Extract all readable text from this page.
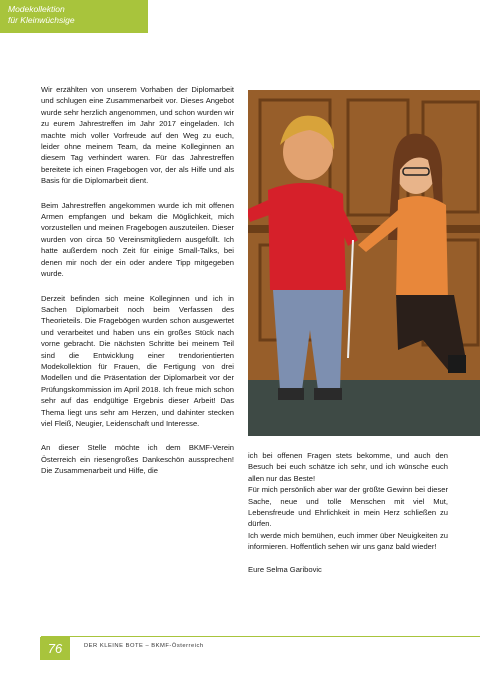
Modekollektion
für Kleinwüchsige

Wir erzählten von unserem Vorhaben der Diplomarbeit und schlugen eine Zusammenarbeit vor. Dieses Angebot wurde sehr herzlich angenommen, und schon wurden wir zu eurem Jahrestreffen im Jahr 2017 eingeladen. Ich machte mich voller Vorfreude auf den Weg zu euch, leider ohne meinem Team, da meine Kolleginnen an diesem Tag verhindert waren. Für das Jahrestreffen bereitete ich einen Fragebogen vor, der als Hilfe und als Basis für die Diplomarbeit dient.

Beim Jahrestreffen angekommen wurde ich mit offenen Armen empfangen und bekam die Möglichkeit, mich vorzustellen und meinen Fragebogen auszuteilen. Dieser wurden von circa 50 Vereinsmitgliedern ausgefüllt. Ich hatte außerdem noch Zeit für einige Small-Talks, bei denen mir noch der ein oder andere Tipp mitgegeben wurde.

Derzeit befinden sich meine Kolleginnen und ich in Sachen Diplomarbeit noch beim Verfassen des Theorieteils. Die Fragebögen wurden schon ausgewertet und verarbeitet und haben uns ein großes Stück nach vorne gebracht. Die nächsten Schritte bei meinem Teil sind die Entwicklung einer trendorientierten Modekollektion für Frauen, die Fertigung von drei Modellen und die Präsentation der Diplomarbeit vor der Prüfungskommission im April 2018. Ich freue mich schon sehr auf das endgültige Ergebnis dieser Arbeit! Das Thema liegt uns sehr am Herzen, und dahinter stecken viel Fleiß, Neugier, Leidenschaft und Interesse.

An dieser Stelle möchte ich dem BKMF-Verein Österreich ein riesengroßes Dankeschön aussprechen! Die Zusammenarbeit und Hilfe, die

ich bei offenen Fragen stets bekomme, und auch den Besuch bei euch schätze ich sehr, und ich wünsche euch allen nur das Beste!

Für mich persönlich aber war der größte Gewinn bei dieser Sache, neue und tolle Menschen mit viel Mut, Lebensfreude und Ehrlichkeit in mein Herz schließen zu dürfen.

Ich werde mich bemühen, euch immer über Neuigkeiten zu informieren. Hoffentlich sehen wir uns ganz bald wieder!

Eure Selma Garibovic

76	DER KLEINE BOTE – BKMF-Österreich
